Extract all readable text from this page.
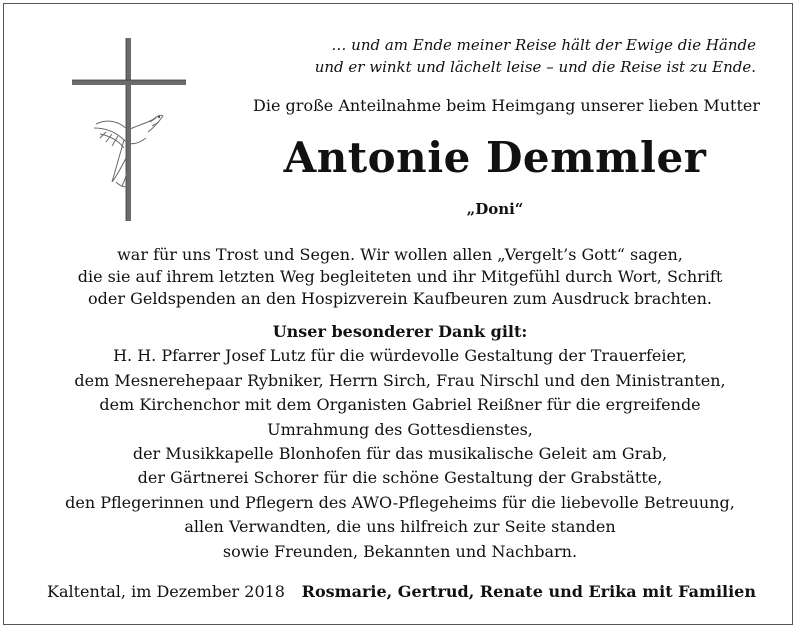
… und am Ende meiner Reise hält der Ewige die Hände
und er winkt und lächelt leise – und die Reise ist zu Ende.
Die große Anteilnahme beim Heimgang unserer lieben Mutter
Antonie Demmler
„Doni“
war für uns Trost und Segen. Wir wollen allen „Vergelt’s Gott“ sagen,
die sie auf ihrem letzten Weg begleiteten und ihr Mitgefühl durch Wort, Schrift
oder Geldspenden an den Hospizverein Kaufbeuren zum Ausdruck brachten.
Unser besonderer Dank gilt:
H. H. Pfarrer Josef Lutz für die würdevolle Gestaltung der Trauerfeier,
dem Mesnerehepaar Rybniker, Herrn Sirch, Frau Nirschl und den Ministranten,
dem Kirchenchor mit dem Organisten Gabriel Reißner für die ergreifende
Umrahmung des Gottesdienstes,
der Musikkapelle Blonhofen für das musikalische Geleit am Grab,
der Gärtnerei Schorer für die schöne Gestaltung der Grabstätte,
den Pflegerinnen und Pflegern des AWO-Pflegeheims für die liebevolle Betreuung,
allen Verwandten, die uns hilfreich zur Seite standen
sowie Freunden, Bekannten und Nachbarn.
Kaltental, im Dezember 2018 Rosmarie, Gertrud, Renate und Erika mit Familien
